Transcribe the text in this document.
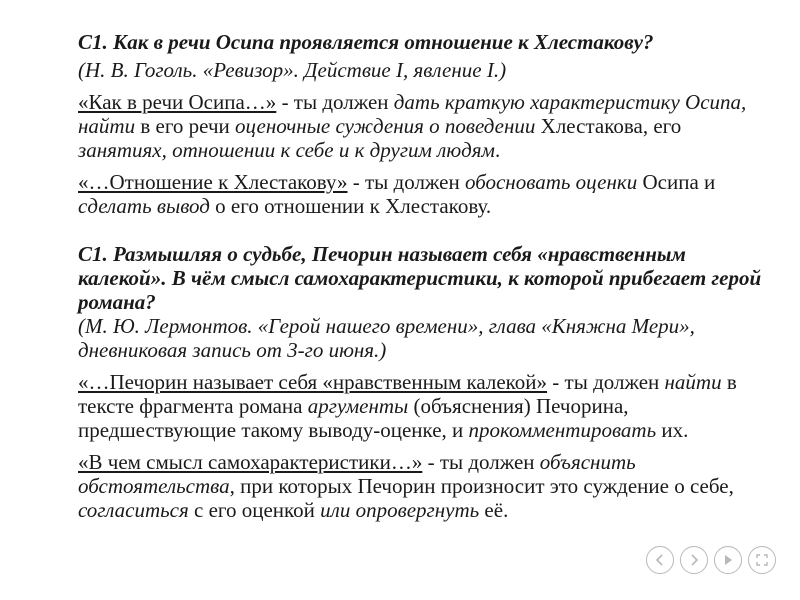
С1. Как в речи Осипа проявляется отношение к Хлестакову?

(Н. В. Гоголь. «Ревизор». Действие I, явление I.)

«Как в речи Осипа…» - ты должен дать краткую характеристику Осипа, найти в его речи оценочные суждения о поведении Хлестакова, его занятиях, отношении к себе и к другим людям.

«…Отношение к Хлестакову» - ты должен обосновать оценки Осипа и сделать вывод о его отношении к Хлестакову.

С1. Размышляя о судьбе, Печорин называет себя «нравственным калекой». В чём смысл самохарактеристики, к которой прибегает герой романа?

(М. Ю. Лермонтов. «Герой нашего времени», глава «Княжна Мери», дневниковая запись от 3-го июня.)

«…Печорин называет себя «нравственным калекой» - ты должен найти в тексте фрагмента романа аргументы (объяснения) Печорина, предшествующие такому выводу-оценке, и прокомментировать их.

«В чем смысл самохарактеристики…» - ты должен объяснить обстоятельства, при которых Печорин произносит это суждение о себе, согласиться с его оценкой или опровергнуть её.
